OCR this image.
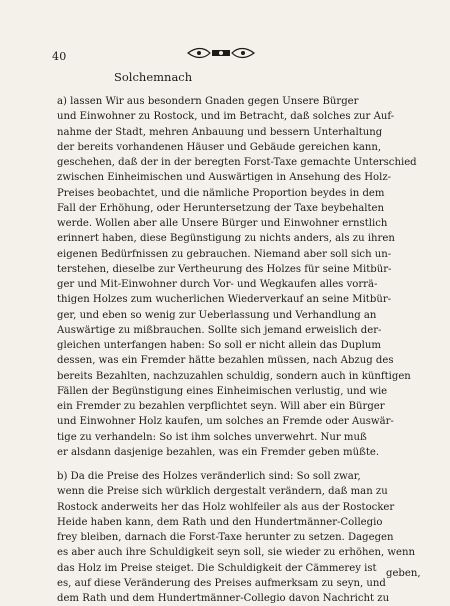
40
Solchemnach
a) lassen Wir aus besondern Gnaden gegen Unsere Bürger
und Einwohner zu Rostock, und im Betracht, daß solches zur Auf-
nahme der Stadt, mehren Anbauung und bessern Unterhaltung
der bereits vorhandenen Häuser und Gebäude gereichen kann,
geschehen, daß der in der beregten Forst-Taxe gemachte Unterschied
zwischen Einheimischen und Auswärtigen in Ansehung des Holz-
Preises beobachtet, und die nämliche Proportion beydes in dem
Fall der Erhöhung, oder Heruntersetzung der Taxe beybehalten
werde. Wollen aber alle Unsere Bürger und Einwohner ernstlich
erinnert haben, diese Begünstigung zu nichts anders, als zu ihren
eigenen Bedürfnissen zu gebrauchen. Niemand aber soll sich un-
terstehen, dieselbe zur Vertheurung des Holzes für seine Mitbür-
ger und Mit-Einwohner durch Vor- und Wegkaufen alles vorrä-
thigen Holzes zum wucherlichen Wiederverkauf an seine Mitbür-
ger, und eben so wenig zur Ueberlassung und Verhandlung an
Auswärtige zu mißbrauchen. Sollte sich jemand erweislich der-
gleichen unterfangen haben: So soll er nicht allein das Duplum
dessen, was ein Fremder hätte bezahlen müssen, nach Abzug des
bereits Bezahlten, nachzuzahlen schuldig, sondern auch in künftigen
Fällen der Begünstigung eines Einheimischen verlustig, und wie
ein Fremder zu bezahlen verpflichtet seyn. Will aber ein Bürger
und Einwohner Holz kaufen, um solches an Fremde oder Auswär-
tige zu verhandeln: So ist ihm solches unverwehrt. Nur muß
er alsdann dasjenige bezahlen, was ein Fremder geben müßte.
b) Da die Preise des Holzes veränderlich sind: So soll zwar,
wenn die Preise sich würklich dergestalt verändern, daß man zu
Rostock anderweits her das Holz wohlfeiler als aus der Rostocker
Heide haben kann, dem Rath und den Hundertmänner-Collegio
frey bleiben, darnach die Forst-Taxe herunter zu setzen. Dagegen
es aber auch ihre Schuldigkeit seyn soll, sie wieder zu erhöhen, wenn
das Holz im Preise steiget. Die Schuldigkeit der Cämmerey ist
es, auf diese Veränderung des Preises aufmerksam zu seyn, und
dem Rath und dem Hundertmänner-Collegio davon Nachricht zu
geben,
